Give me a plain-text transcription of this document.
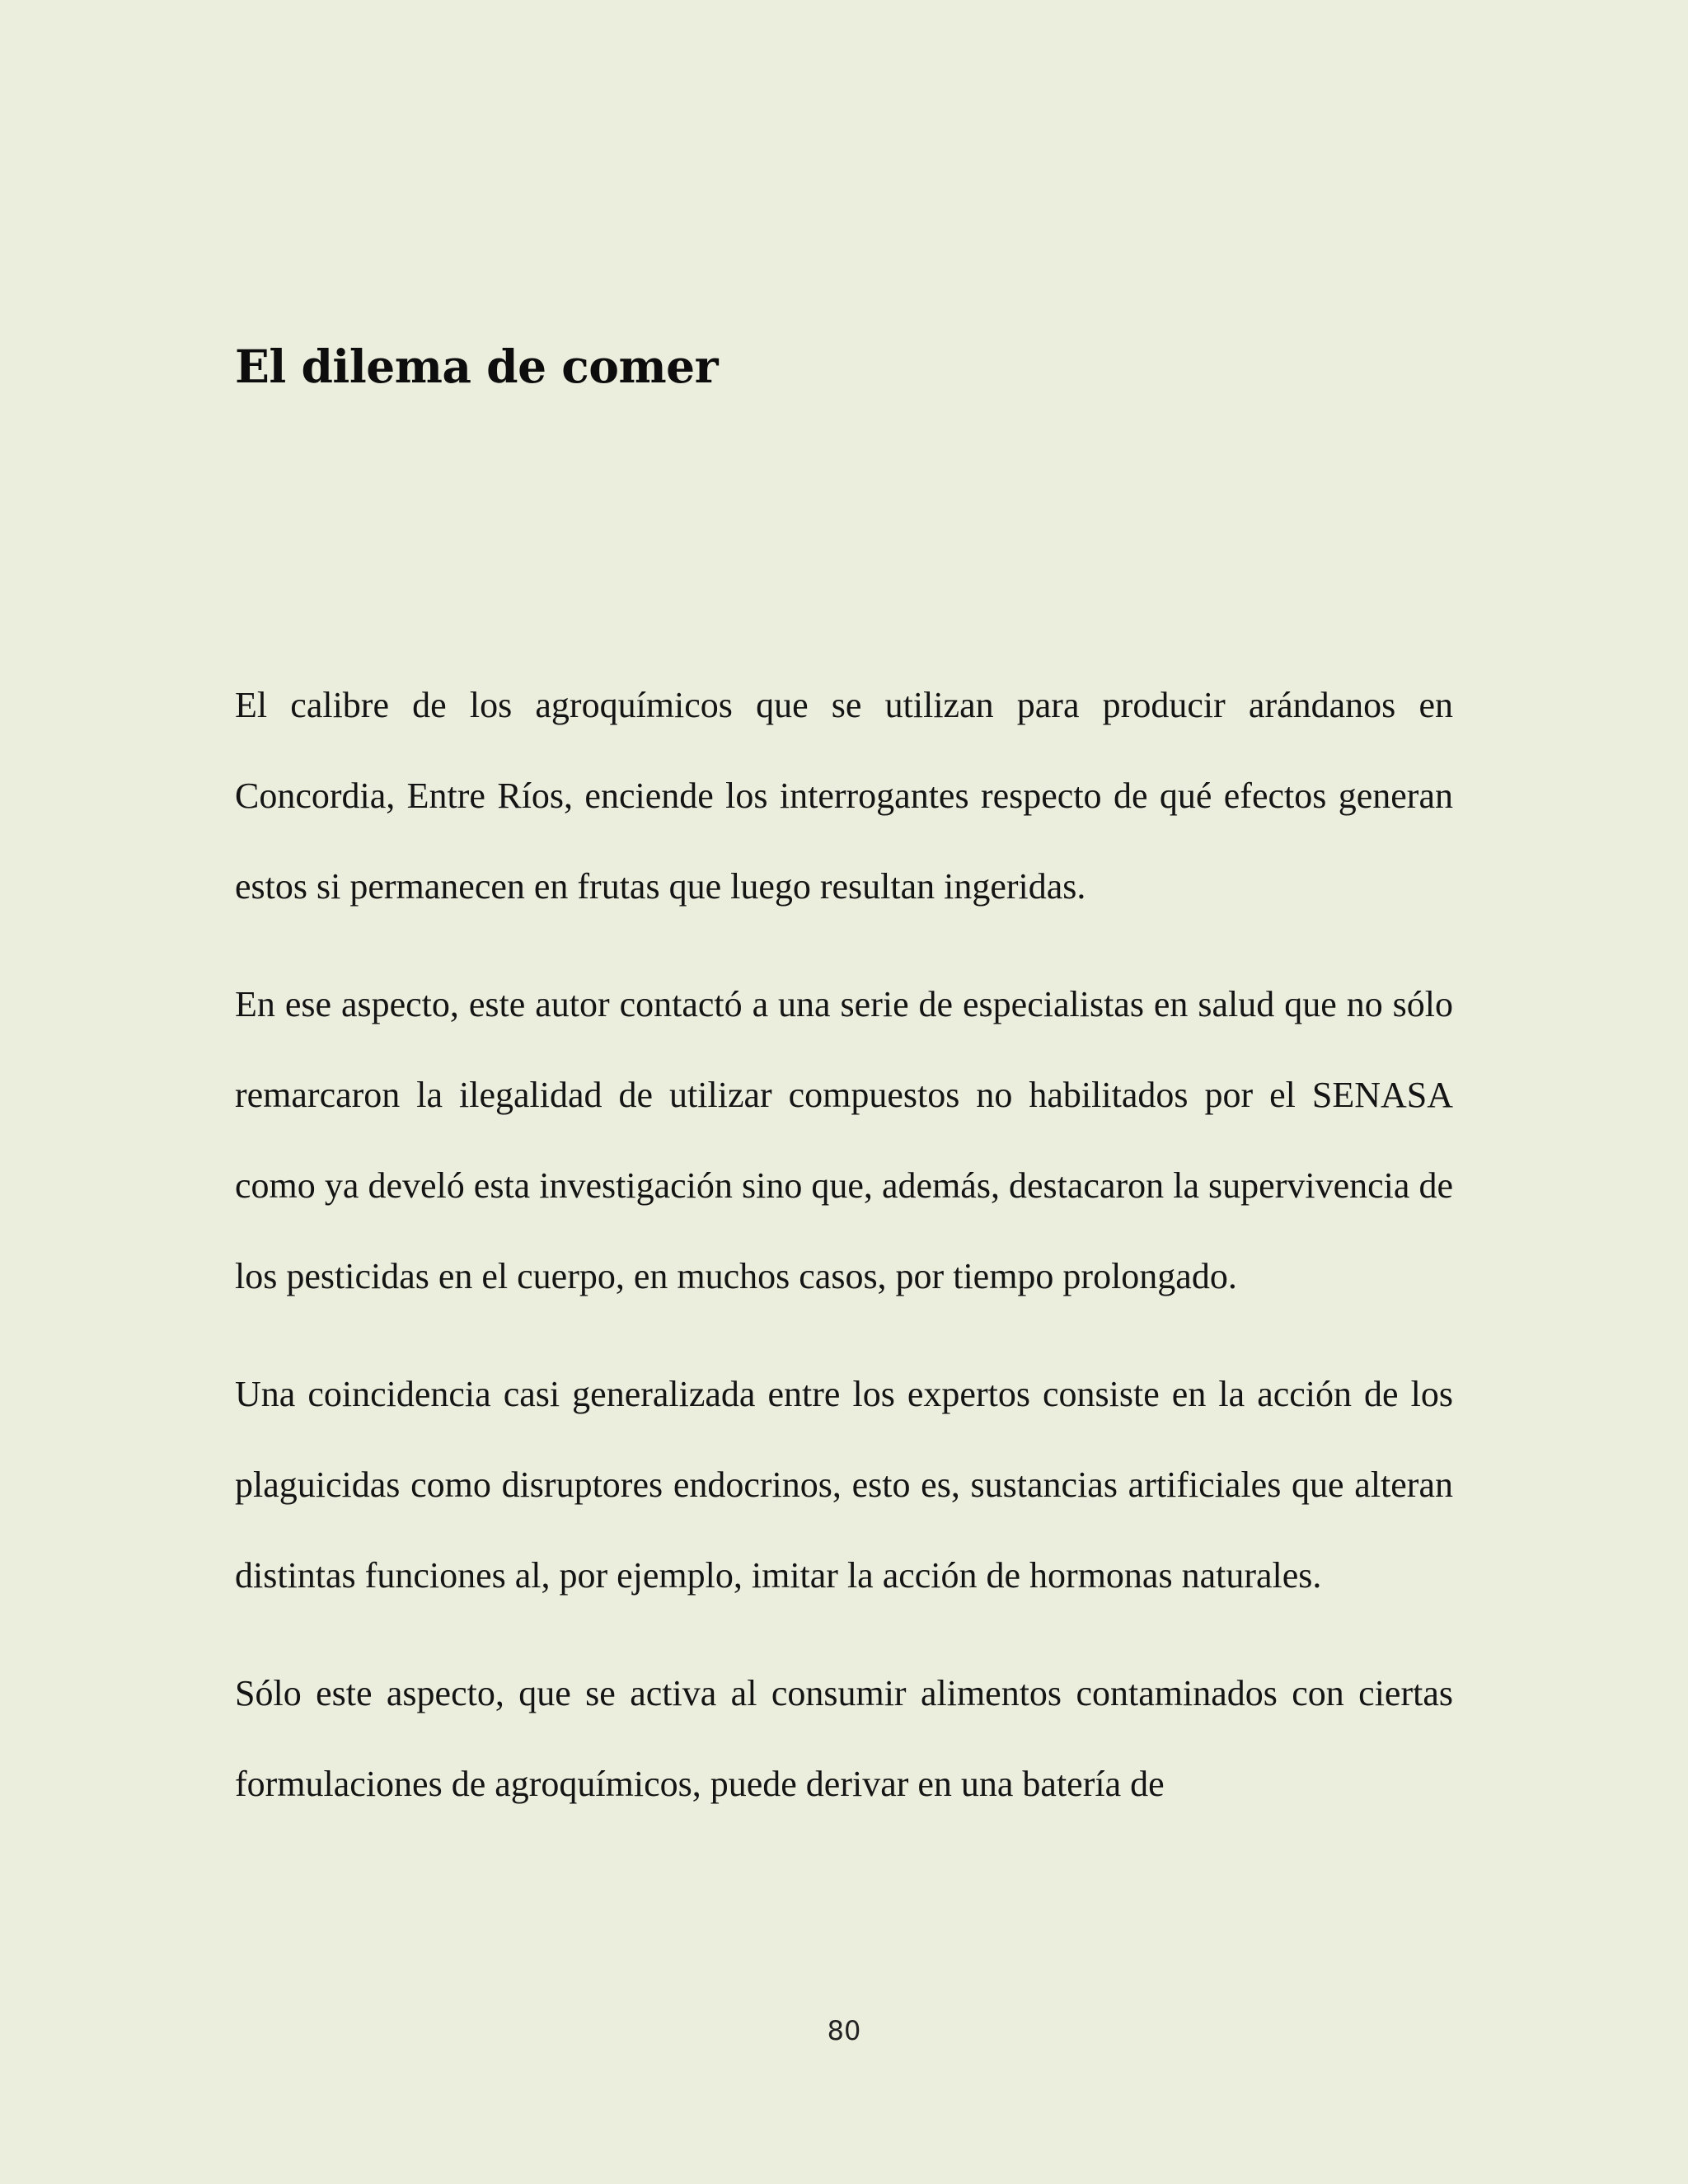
El dilema de comer

El calibre de los agroquímicos que se utilizan para producir arándanos en Concordia, Entre Ríos, enciende los interrogantes respecto de qué efectos generan estos si permanecen en frutas que luego resultan ingeridas.

En ese aspecto, este autor contactó a una serie de especialistas en salud que no sólo remarcaron la ilegalidad de utilizar compuestos no habilitados por el SENASA como ya develó esta investigación sino que, además, destacaron la supervivencia de los pesticidas en el cuerpo, en muchos casos, por tiempo prolongado.

Una coincidencia casi generalizada entre los expertos consiste en la acción de los plaguicidas como disruptores endocrinos, esto es, sustancias artificiales que alteran distintas funciones al, por ejemplo, imitar la acción de hormonas naturales.

Sólo este aspecto, que se activa al consumir alimentos contaminados con ciertas formulaciones de agroquímicos, puede derivar en una batería de

80
